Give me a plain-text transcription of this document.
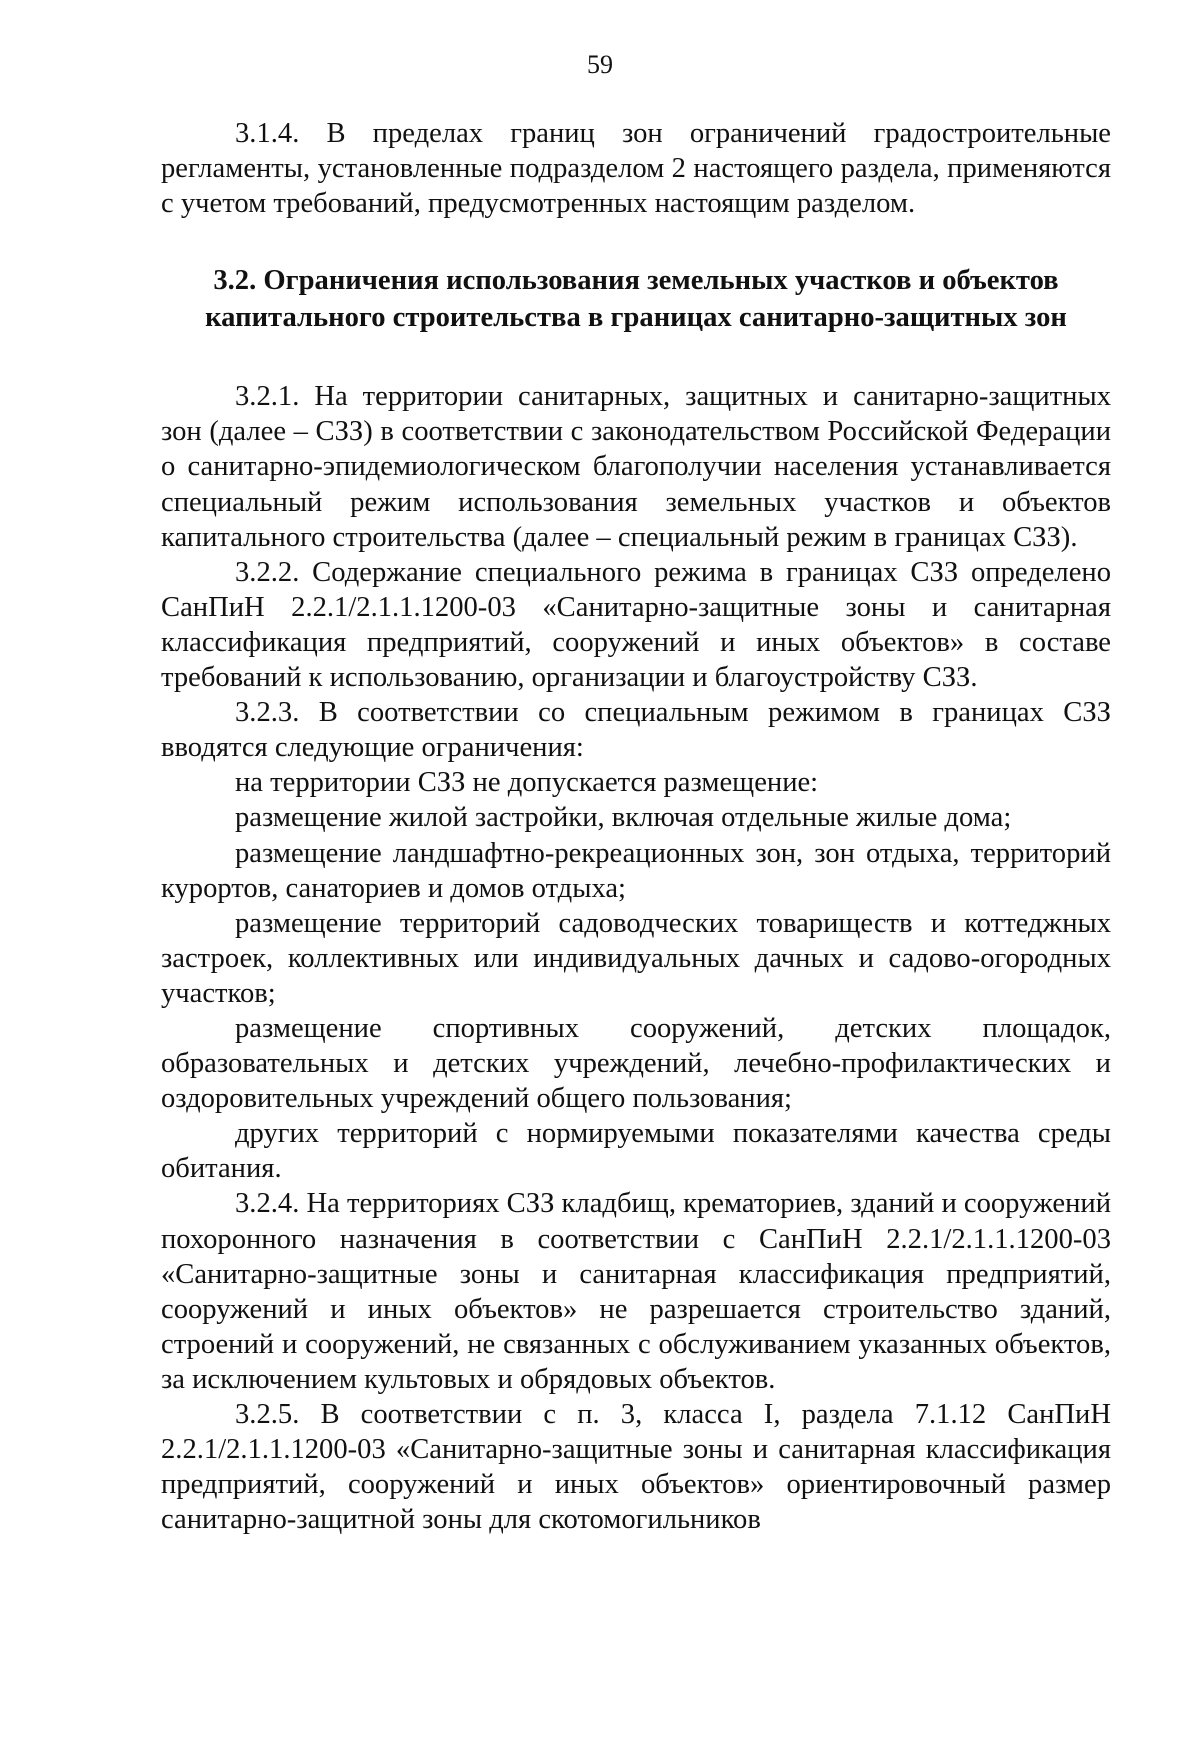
59

3.1.4. В пределах границ зон ограничений градостроительные регламенты, установленные подразделом 2 настоящего раздела, применяются с учетом требований, предусмотренных настоящим разделом.

3.2. Ограничения использования земельных участков и объектов
капитального строительства в границах санитарно-защитных зон

3.2.1. На территории санитарных, защитных и санитарно-защитных зон (далее – СЗЗ) в соответствии с законодательством Российской Федерации о санитарно-эпидемиологическом благополучии населения устанавливается специальный режим использования земельных участков и объектов капитального строительства (далее – специальный режим в границах СЗЗ).

3.2.2. Содержание специального режима в границах СЗЗ определено СанПиН 2.2.1/2.1.1.1200-03 «Санитарно-защитные зоны и санитарная классификация предприятий, сооружений и иных объектов» в составе требований к использованию, организации и благоустройству СЗЗ.

3.2.3. В соответствии со специальным режимом в границах СЗЗ вводятся следующие ограничения:

на территории СЗЗ не допускается размещение:

размещение жилой застройки, включая отдельные жилые дома;

размещение ландшафтно-рекреационных зон, зон отдыха, территорий курортов, санаториев и домов отдыха;

размещение территорий садоводческих товариществ и коттеджных застроек, коллективных или индивидуальных дачных и садово-огородных участков;

размещение спортивных сооружений, детских площадок, образовательных и детских учреждений, лечебно-профилактических и оздоровительных учреждений общего пользования;

других территорий с нормируемыми показателями качества среды обитания.

3.2.4. На территориях СЗЗ кладбищ, крематориев, зданий и сооружений похоронного назначения в соответствии с СанПиН 2.2.1/2.1.1.1200-03 «Санитарно-защитные зоны и санитарная классификация предприятий, сооружений и иных объектов» не разрешается строительство зданий, строений и сооружений, не связанных с обслуживанием указанных объектов, за исключением культовых и обрядовых объектов.

3.2.5. В соответствии с п. 3, класса I, раздела 7.1.12 СанПиН 2.2.1/2.1.1.1200-03 «Санитарно-защитные зоны и санитарная классификация предприятий, сооружений и иных объектов» ориентировочный размер санитарно-защитной зоны для скотомогильников
